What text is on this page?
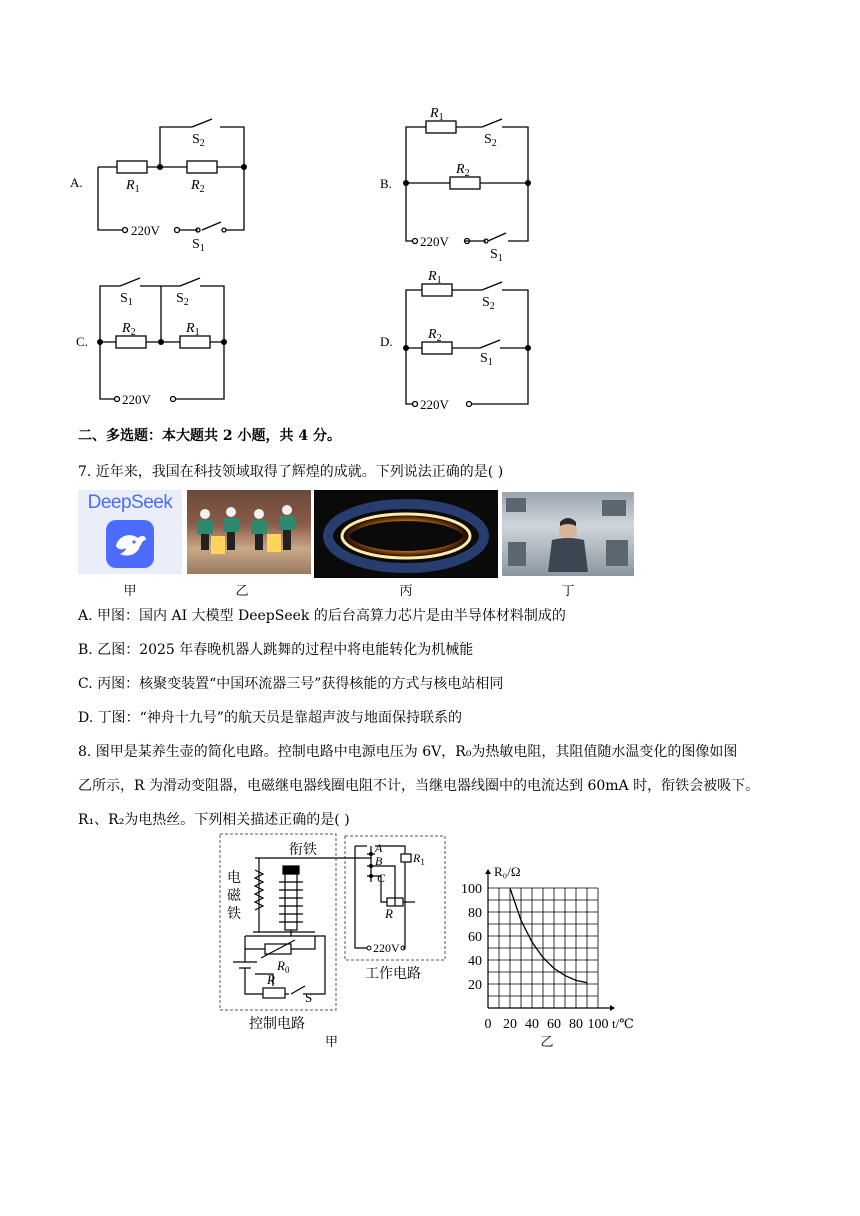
A.	$R_1$	$R_2$
$S_2$
$S_1$
220V
B.
$R_1$
$S_2$
$R_2$
220V
$S_1$
C.
$S_1$	$S_2$
$R_2$	$R_1$
220V
D.
$R_1$
$S_2$
$R_2$
$S_1$
220V
二、多选题：本大题共 2 小题，共 4 分。
7. 近年来，我国在科技领域取得了辉煌的成就。下列说法正确的是( )
DeepSeek
甲	乙	丙	丁
A. 甲图：国内 AI 大模型 DeepSeek 的后台高算力芯片是由半导体材料制成的
B. 乙图：2025 年春晚机器人跳舞的过程中将电能转化为机械能
C. 丙图：核聚变装置“中国环流器三号”获得核能的方式与核电站相同
D. 丁图：“神舟十九号”的航天员是靠超声波与地面保持联系的
8. 图甲是某养生壶的简化电路。控制电路中电源电压为 6V，R₀为热敏电阻，其阻值随水温变化的图像如图
乙所示，R 为滑动变阻器，电磁继电器线圈电阻不计，当继电器线圈中的电流达到 60mA 时，衔铁会被吸下。
R₁、R₂为电热丝。下列相关描述正确的是( )
衔铁
电
磁
铁
$R_0$
R
S
控制电路
甲
A
B
C
$R_1$
R
220V
工作电路
20
40
60
80
100
0 20 40 60 80 100
R₀/Ω
t/℃
乙
